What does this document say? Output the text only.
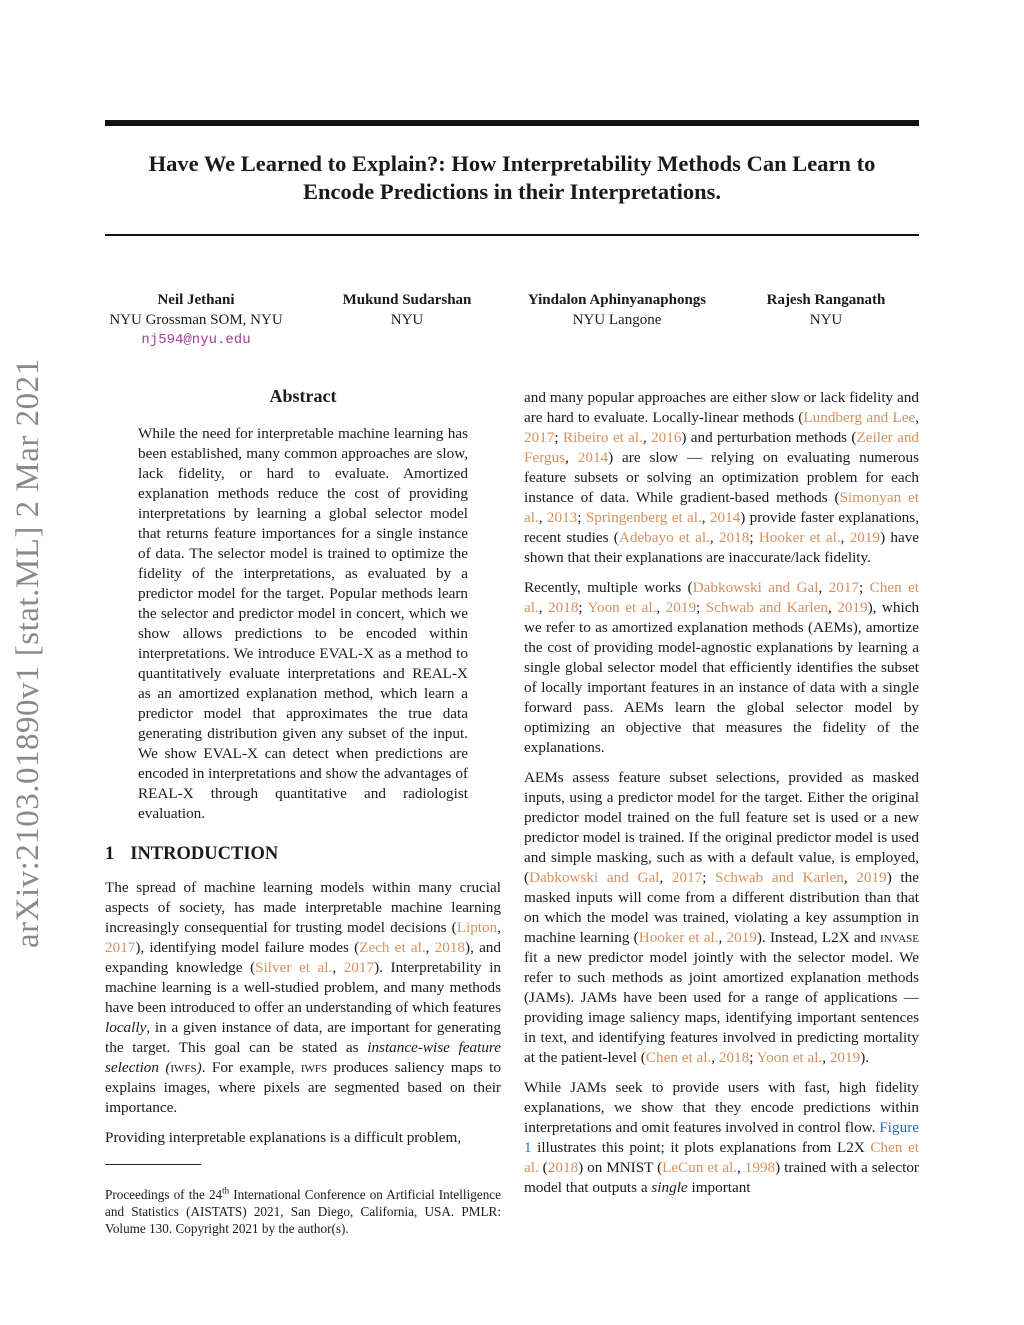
Have We Learned to Explain?: How Interpretability Methods Can Learn to
Encode Predictions in their Interpretations.
Neil Jethani
NYU Grossman SOM, NYU
nj594@nyu.edu
Mukund Sudarshan
NYU
Yindalon Aphinyanaphongs
NYU Langone
Rajesh Ranganath
NYU
arXiv:2103.01890v1 [stat.ML] 2 Mar 2021	Abstract

While the need for interpretable machine learning has been established, many common approaches are slow, lack fidelity, or hard to evaluate. Amortized explanation methods reduce the cost of providing interpretations by learning a global selector model that returns feature importances for a single instance of data. The selector model is trained to optimize the fidelity of the interpretations, as evaluated by a predictor model for the target. Popular methods learn the selector and predictor model in concert, which we show allows predictions to be encoded within interpretations. We introduce EVAL-X as a method to quantitatively evaluate interpretations and REAL-X as an amortized explanation method, which learn a predictor model that approximates the true data generating distribution given any subset of the input. We show EVAL-X can detect when predictions are encoded in interpretations and show the advantages of REAL-X through quantitative and radiologist evaluation.

1 INTRODUCTION

The spread of machine learning models within many crucial aspects of society, has made interpretable machine learning increasingly consequential for trusting model decisions (Lipton, 2017), identifying model failure modes (Zech et al., 2018), and expanding knowledge (Silver et al., 2017). Interpretability in machine learning is a well-studied problem, and many methods have been introduced to offer an understanding of which features locally, in a given instance of data, are important for generating the target. This goal can be stated as instance-wise feature selection (iwfs). For example, iwfs produces saliency maps to explains images, where pixels are segmented based on their importance.

Providing interpretable explanations is a difficult problem,

Proceedings of the 24th International Conference on Artificial Intelligence and Statistics (AISTATS) 2021, San Diego, California, USA. PMLR: Volume 130. Copyright 2021 by the author(s).

and many popular approaches are either slow or lack fidelity and are hard to evaluate. Locally-linear methods (Lundberg and Lee, 2017; Ribeiro et al., 2016) and perturbation methods (Zeiler and Fergus, 2014) are slow — relying on evaluating numerous feature subsets or solving an optimization problem for each instance of data. While gradient-based methods (Simonyan et al., 2013; Springenberg et al., 2014) provide faster explanations, recent studies (Adebayo et al., 2018; Hooker et al., 2019) have shown that their explanations are inaccurate/lack fidelity.

Recently, multiple works (Dabkowski and Gal, 2017; Chen et al., 2018; Yoon et al., 2019; Schwab and Karlen, 2019), which we refer to as amortized explanation methods (AEMs), amortize the cost of providing model-agnostic explanations by learning a single global selector model that efficiently identifies the subset of locally important features in an instance of data with a single forward pass. AEMs learn the global selector model by optimizing an objective that measures the fidelity of the explanations.

AEMs assess feature subset selections, provided as masked inputs, using a predictor model for the target. Either the original predictor model trained on the full feature set is used or a new predictor model is trained. If the original predictor model is used and simple masking, such as with a default value, is employed, (Dabkowski and Gal, 2017; Schwab and Karlen, 2019) the masked inputs will come from a different distribution than that on which the model was trained, violating a key assumption in machine learning (Hooker et al., 2019). Instead, L2X and invase fit a new predictor model jointly with the selector model. We refer to such methods as joint amortized explanation methods (JAMs). JAMs have been used for a range of applications — providing image saliency maps, identifying important sentences in text, and identifying features involved in predicting mortality at the patient-level (Chen et al., 2018; Yoon et al., 2019).

While JAMs seek to provide users with fast, high fidelity explanations, we show that they encode predictions within interpretations and omit features involved in control flow. Figure 1 illustrates this point; it plots explanations from L2X Chen et al. (2018) on MNIST (LeCun et al., 1998) trained with a selector model that outputs a single important
